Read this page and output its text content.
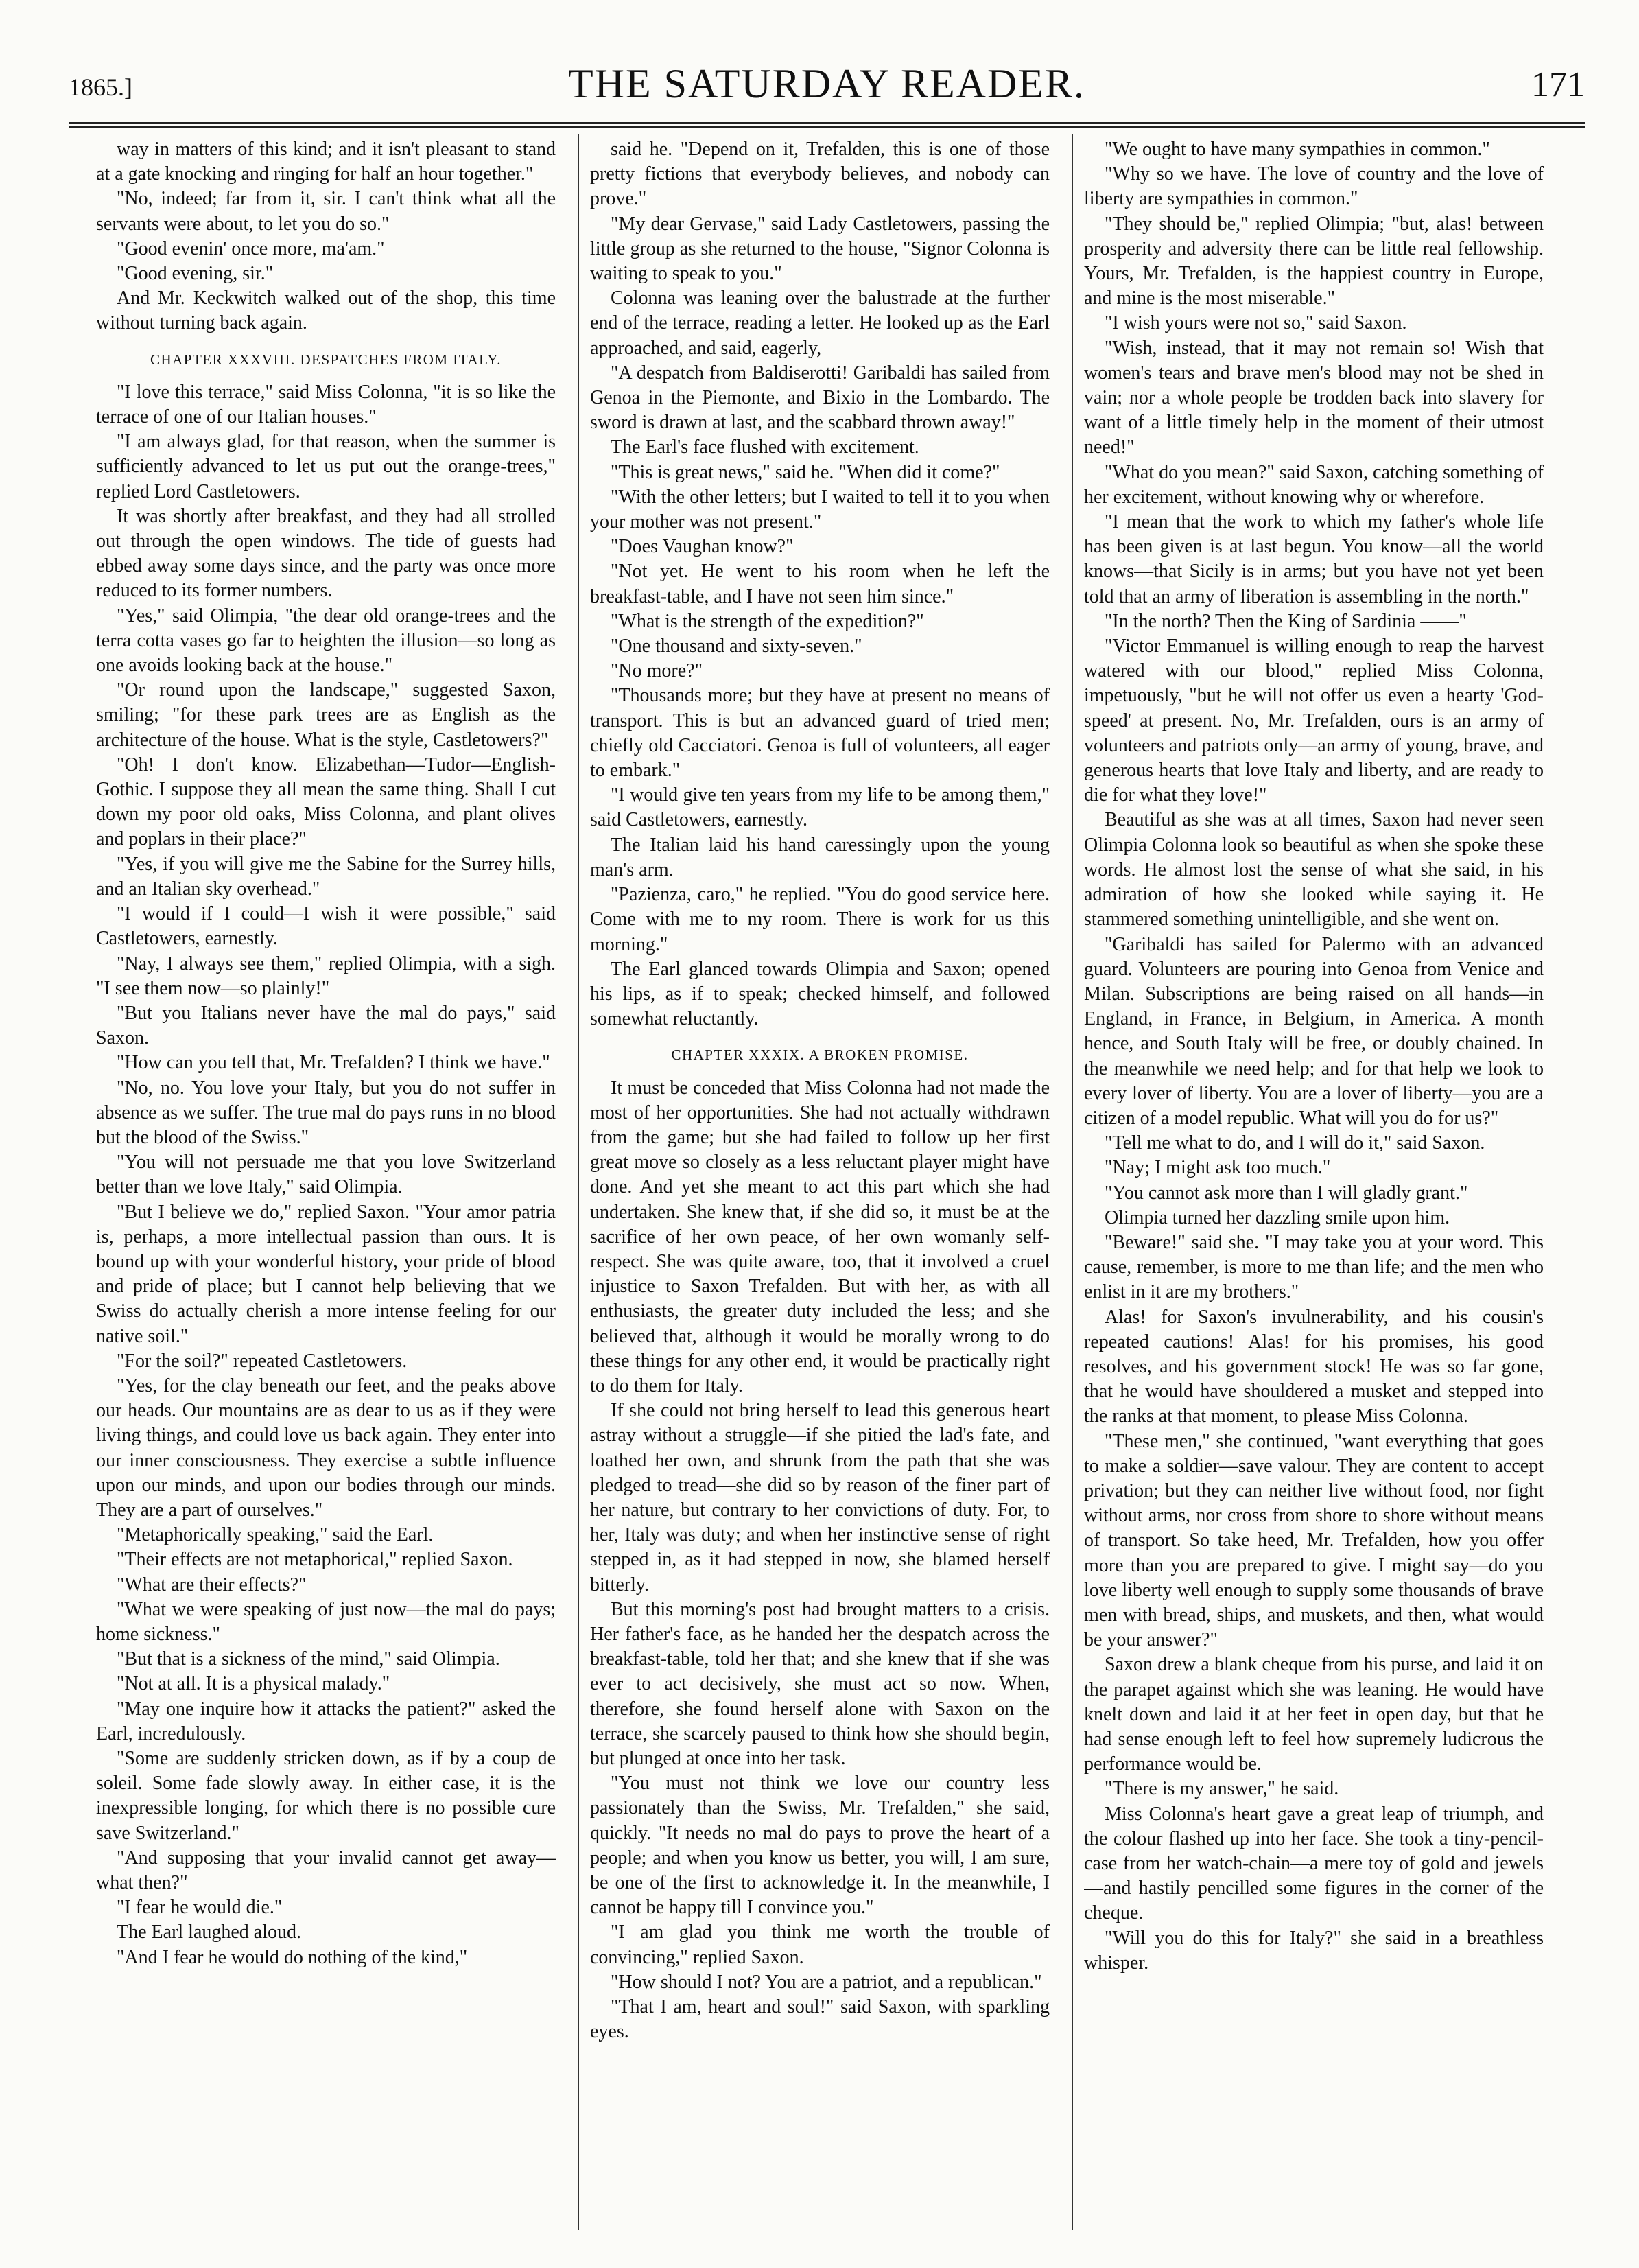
1865.]	THE SATURDAY READER.	171

way in matters of this kind; and it isn't pleasant to stand at a gate knocking and ringing for half an hour together."

"No, indeed; far from it, sir. I can't think what all the servants were about, to let you do so."

"Good evenin' once more, ma'am."

"Good evening, sir."

And Mr. Keckwitch walked out of the shop, this time without turning back again.

CHAPTER XXXVIII. DESPATCHES FROM ITALY.

"I love this terrace," said Miss Colonna, "it is so like the terrace of one of our Italian houses."

"I am always glad, for that reason, when the summer is sufficiently advanced to let us put out the orange-trees," replied Lord Castletowers.

It was shortly after breakfast, and they had all strolled out through the open windows. The tide of guests had ebbed away some days since, and the party was once more reduced to its former numbers.

"Yes," said Olimpia, "the dear old orange-trees and the terra cotta vases go far to heighten the illusion—so long as one avoids looking back at the house."

"Or round upon the landscape," suggested Saxon, smiling; "for these park trees are as English as the architecture of the house. What is the style, Castletowers?"

"Oh! I don't know. Elizabethan—Tudor—English-Gothic. I suppose they all mean the same thing. Shall I cut down my poor old oaks, Miss Colonna, and plant olives and poplars in their place?"

"Yes, if you will give me the Sabine for the Surrey hills, and an Italian sky overhead."

"I would if I could—I wish it were possible," said Castletowers, earnestly.

"Nay, I always see them," replied Olimpia, with a sigh. "I see them now—so plainly!"

"But you Italians never have the mal do pays," said Saxon.

"How can you tell that, Mr. Trefalden? I think we have."

"No, no. You love your Italy, but you do not suffer in absence as we suffer. The true mal do pays runs in no blood but the blood of the Swiss."

"You will not persuade me that you love Switzerland better than we love Italy," said Olimpia.

"But I believe we do," replied Saxon. "Your amor patria is, perhaps, a more intellectual passion than ours. It is bound up with your wonderful history, your pride of blood and pride of place; but I cannot help believing that we Swiss do actually cherish a more intense feeling for our native soil."

"For the soil?" repeated Castletowers.

"Yes, for the clay beneath our feet, and the peaks above our heads. Our mountains are as dear to us as if they were living things, and could love us back again. They enter into our inner consciousness. They exercise a subtle influence upon our minds, and upon our bodies through our minds. They are a part of ourselves."

"Metaphorically speaking," said the Earl.

"Their effects are not metaphorical," replied Saxon.

"What are their effects?"

"What we were speaking of just now—the mal do pays; home sickness."

"But that is a sickness of the mind," said Olimpia.

"Not at all. It is a physical malady."

"May one inquire how it attacks the patient?" asked the Earl, incredulously.

"Some are suddenly stricken down, as if by a coup de soleil. Some fade slowly away. In either case, it is the inexpressible longing, for which there is no possible cure save Switzerland."

"And supposing that your invalid cannot get away—what then?"

"I fear he would die."

The Earl laughed aloud.

"And I fear he would do nothing of the kind,"

said he. "Depend on it, Trefalden, this is one of those pretty fictions that everybody believes, and nobody can prove."

"My dear Gervase," said Lady Castletowers, passing the little group as she returned to the house, "Signor Colonna is waiting to speak to you."

Colonna was leaning over the balustrade at the further end of the terrace, reading a letter. He looked up as the Earl approached, and said, eagerly,

"A despatch from Baldiserotti! Garibaldi has sailed from Genoa in the Piemonte, and Bixio in the Lombardo. The sword is drawn at last, and the scabbard thrown away!"

The Earl's face flushed with excitement.

"This is great news," said he. "When did it come?"

"With the other letters; but I waited to tell it to you when your mother was not present."

"Does Vaughan know?"

"Not yet. He went to his room when he left the breakfast-table, and I have not seen him since."

"What is the strength of the expedition?"

"One thousand and sixty-seven."

"No more?"

"Thousands more; but they have at present no means of transport. This is but an advanced guard of tried men; chiefly old Cacciatori. Genoa is full of volunteers, all eager to embark."

"I would give ten years from my life to be among them," said Castletowers, earnestly.

The Italian laid his hand caressingly upon the young man's arm.

"Pazienza, caro," he replied. "You do good service here. Come with me to my room. There is work for us this morning."

The Earl glanced towards Olimpia and Saxon; opened his lips, as if to speak; checked himself, and followed somewhat reluctantly.

CHAPTER XXXIX. A BROKEN PROMISE.

It must be conceded that Miss Colonna had not made the most of her opportunities. She had not actually withdrawn from the game; but she had failed to follow up her first great move so closely as a less reluctant player might have done. And yet she meant to act this part which she had undertaken. She knew that, if she did so, it must be at the sacrifice of her own peace, of her own womanly self-respect. She was quite aware, too, that it involved a cruel injustice to Saxon Trefalden. But with her, as with all enthusiasts, the greater duty included the less; and she believed that, although it would be morally wrong to do these things for any other end, it would be practically right to do them for Italy.

If she could not bring herself to lead this generous heart astray without a struggle—if she pitied the lad's fate, and loathed her own, and shrunk from the path that she was pledged to tread—she did so by reason of the finer part of her nature, but contrary to her convictions of duty. For, to her, Italy was duty; and when her instinctive sense of right stepped in, as it had stepped in now, she blamed herself bitterly.

But this morning's post had brought matters to a crisis. Her father's face, as he handed her the despatch across the breakfast-table, told her that; and she knew that if she was ever to act decisively, she must act so now. When, therefore, she found herself alone with Saxon on the terrace, she scarcely paused to think how she should begin, but plunged at once into her task.

"You must not think we love our country less passionately than the Swiss, Mr. Trefalden," she said, quickly. "It needs no mal do pays to prove the heart of a people; and when you know us better, you will, I am sure, be one of the first to acknowledge it. In the meanwhile, I cannot be happy till I convince you."

"I am glad you think me worth the trouble of convincing," replied Saxon.

"How should I not? You are a patriot, and a republican."

"That I am, heart and soul!" said Saxon, with sparkling eyes.

"We ought to have many sympathies in common."

"Why so we have. The love of country and the love of liberty are sympathies in common."

"They should be," replied Olimpia; "but, alas! between prosperity and adversity there can be little real fellowship. Yours, Mr. Trefalden, is the happiest country in Europe, and mine is the most miserable."

"I wish yours were not so," said Saxon.

"Wish, instead, that it may not remain so! Wish that women's tears and brave men's blood may not be shed in vain; nor a whole people be trodden back into slavery for want of a little timely help in the moment of their utmost need!"

"What do you mean?" said Saxon, catching something of her excitement, without knowing why or wherefore.

"I mean that the work to which my father's whole life has been given is at last begun. You know—all the world knows—that Sicily is in arms; but you have not yet been told that an army of liberation is assembling in the north."

"In the north? Then the King of Sardinia ——"

"Victor Emmanuel is willing enough to reap the harvest watered with our blood," replied Miss Colonna, impetuously, "but he will not offer us even a hearty 'God-speed' at present. No, Mr. Trefalden, ours is an army of volunteers and patriots only—an army of young, brave, and generous hearts that love Italy and liberty, and are ready to die for what they love!"

Beautiful as she was at all times, Saxon had never seen Olimpia Colonna look so beautiful as when she spoke these words. He almost lost the sense of what she said, in his admiration of how she looked while saying it. He stammered something unintelligible, and she went on.

"Garibaldi has sailed for Palermo with an advanced guard. Volunteers are pouring into Genoa from Venice and Milan. Subscriptions are being raised on all hands—in England, in France, in Belgium, in America. A month hence, and South Italy will be free, or doubly chained. In the meanwhile we need help; and for that help we look to every lover of liberty. You are a lover of liberty—you are a citizen of a model republic. What will you do for us?"

"Tell me what to do, and I will do it," said Saxon.

"Nay; I might ask too much."

"You cannot ask more than I will gladly grant."

Olimpia turned her dazzling smile upon him.

"Beware!" said she. "I may take you at your word. This cause, remember, is more to me than life; and the men who enlist in it are my brothers."

Alas! for Saxon's invulnerability, and his cousin's repeated cautions! Alas! for his promises, his good resolves, and his government stock! He was so far gone, that he would have shouldered a musket and stepped into the ranks at that moment, to please Miss Colonna.

"These men," she continued, "want everything that goes to make a soldier—save valour. They are content to accept privation; but they can neither live without food, nor fight without arms, nor cross from shore to shore without means of transport. So take heed, Mr. Trefalden, how you offer more than you are prepared to give. I might say—do you love liberty well enough to supply some thousands of brave men with bread, ships, and muskets, and then, what would be your answer?"

Saxon drew a blank cheque from his purse, and laid it on the parapet against which she was leaning. He would have knelt down and laid it at her feet in open day, but that he had sense enough left to feel how supremely ludicrous the performance would be.

"There is my answer," he said.

Miss Colonna's heart gave a great leap of triumph, and the colour flashed up into her face. She took a tiny-pencil-case from her watch-chain—a mere toy of gold and jewels—and hastily pencilled some figures in the corner of the cheque.

"Will you do this for Italy?" she said in a breathless whisper.
